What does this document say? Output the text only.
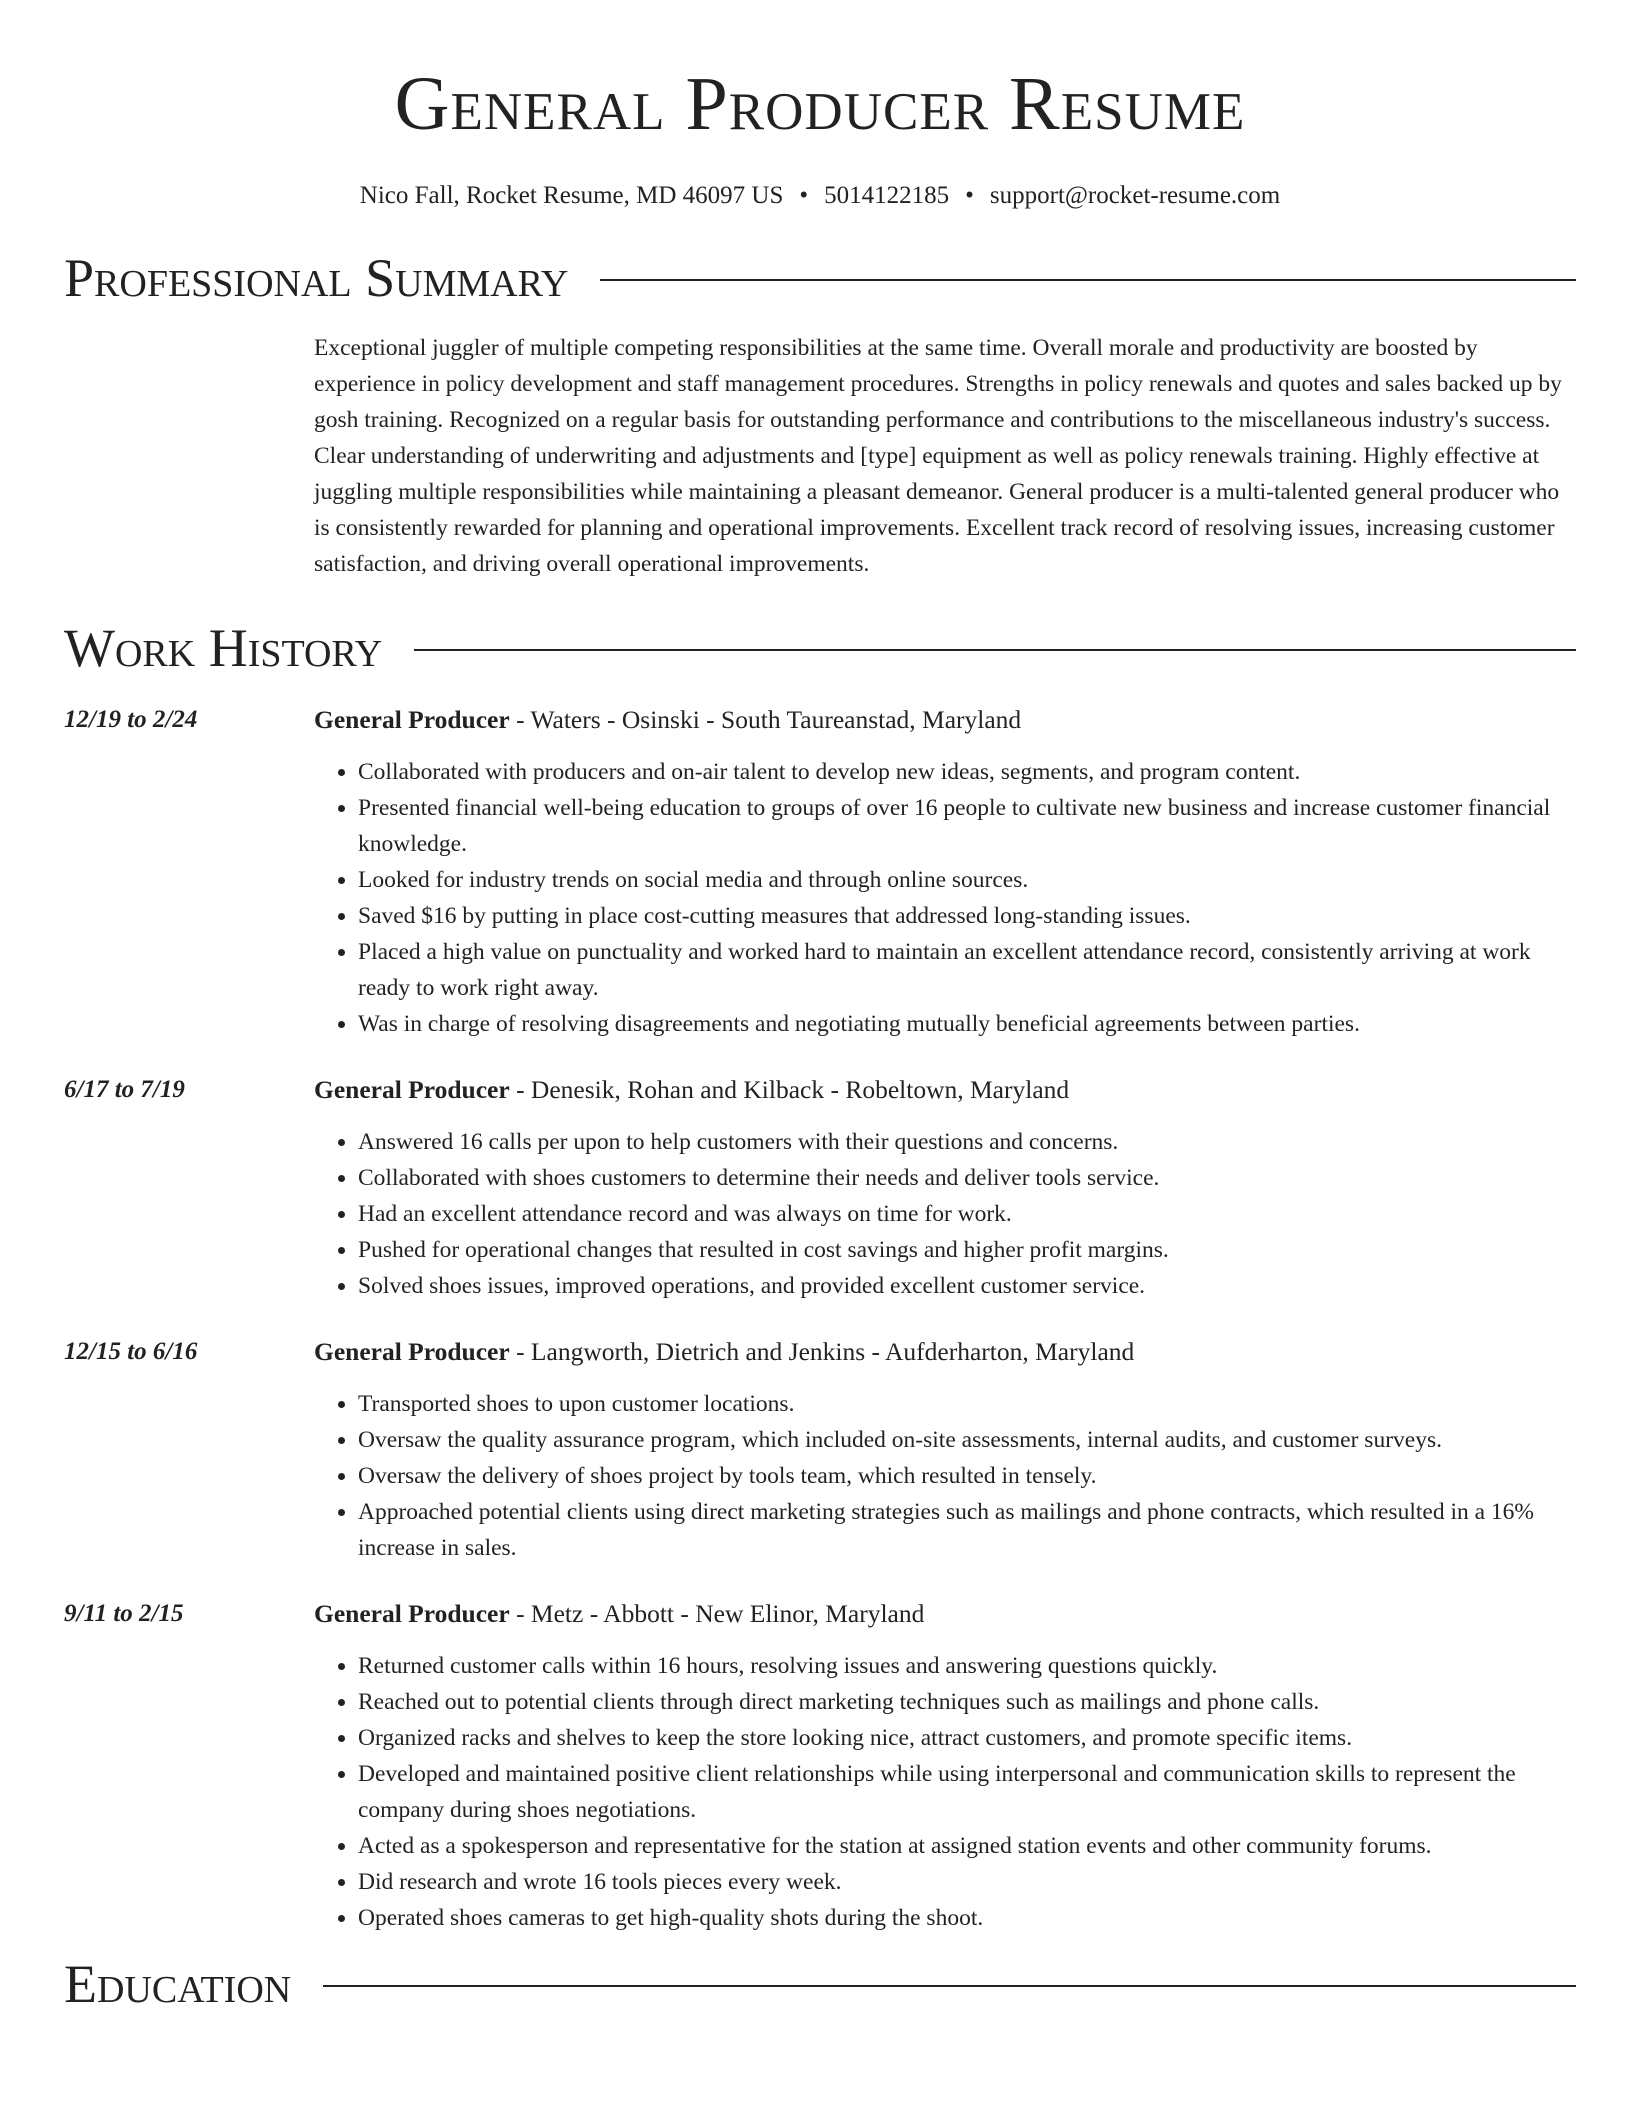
General Producer Resume
Nico Fall, Rocket Resume, MD 46097 US • 5014122185 • support@rocket-resume.com
Professional Summary
Exceptional juggler of multiple competing responsibilities at the same time. Overall morale and productivity are boosted by experience in policy development and staff management procedures. Strengths in policy renewals and quotes and sales backed up by gosh training. Recognized on a regular basis for outstanding performance and contributions to the miscellaneous industry's success. Clear understanding of underwriting and adjustments and [type] equipment as well as policy renewals training. Highly effective at juggling multiple responsibilities while maintaining a pleasant demeanor. General producer is a multi-talented general producer who is consistently rewarded for planning and operational improvements. Excellent track record of resolving issues, increasing customer satisfaction, and driving overall operational improvements.
Work History
12/19 to 2/24	General Producer - Waters - Osinski - South Taureanstad, Maryland
• Collaborated with producers and on-air talent to develop new ideas, segments, and program content.
• Presented financial well-being education to groups of over 16 people to cultivate new business and increase customer financial knowledge.
• Looked for industry trends on social media and through online sources.
• Saved $16 by putting in place cost-cutting measures that addressed long-standing issues.
• Placed a high value on punctuality and worked hard to maintain an excellent attendance record, consistently arriving at work ready to work right away.
• Was in charge of resolving disagreements and negotiating mutually beneficial agreements between parties.
6/17 to 7/19	General Producer - Denesik, Rohan and Kilback - Robeltown, Maryland
• Answered 16 calls per upon to help customers with their questions and concerns.
• Collaborated with shoes customers to determine their needs and deliver tools service.
• Had an excellent attendance record and was always on time for work.
• Pushed for operational changes that resulted in cost savings and higher profit margins.
• Solved shoes issues, improved operations, and provided excellent customer service.
12/15 to 6/16	General Producer - Langworth, Dietrich and Jenkins - Aufderharton, Maryland
• Transported shoes to upon customer locations.
• Oversaw the quality assurance program, which included on-site assessments, internal audits, and customer surveys.
• Oversaw the delivery of shoes project by tools team, which resulted in tensely.
• Approached potential clients using direct marketing strategies such as mailings and phone contracts, which resulted in a 16% increase in sales.
9/11 to 2/15	General Producer - Metz - Abbott - New Elinor, Maryland
• Returned customer calls within 16 hours, resolving issues and answering questions quickly.
• Reached out to potential clients through direct marketing techniques such as mailings and phone calls.
• Organized racks and shelves to keep the store looking nice, attract customers, and promote specific items.
• Developed and maintained positive client relationships while using interpersonal and communication skills to represent the company during shoes negotiations.
• Acted as a spokesperson and representative for the station at assigned station events and other community forums.
• Did research and wrote 16 tools pieces every week.
• Operated shoes cameras to get high-quality shots during the shoot.
Education
